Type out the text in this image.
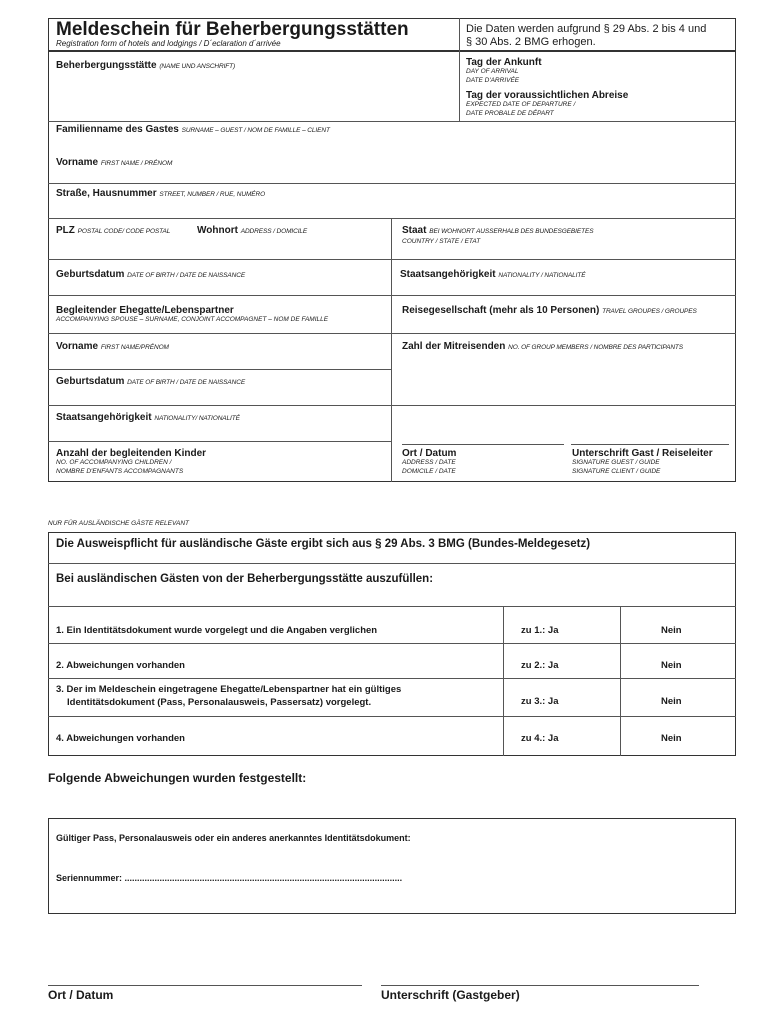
Meldeschein für Beherbergungsstätten
Registration form of hotels and lodgings / D´eclaration d´arrivée
Die Daten werden aufgrund § 29 Abs. 2 bis 4 und
§ 30 Abs. 2 BMG erhogen.
Beherbergungsstätte (NAME UND ANSCHRIFT)	Tag der Ankunft
DAY OF ARRIVAL
DATE D'ARRIVÉE
Tag der voraussichtlichen Abreise
EXPECTED DATE OF DEPARTURE /
DATE PROBALE DE DÉPART
Familienname des Gastes SURNAME – GUEST / NOM DE FAMILLE – CLIENT
Vorname FIRST NAME / PRÉNOM
Straße, Hausnummer STREET, NUMBER / RUE, NUMÉRO
PLZ POSTAL CODE/ CODE POSTAL	Wohnort ADDRESS / DOMICILE	Staat BEI WOHNORT AUSSERHALB DES BUNDESGEBIETES
COUNTRY / STATE / ETAT
Geburtsdatum DATE OF BIRTH / DATE DE NAISSANCE	Staatsangehörigkeit NATIONALITY / NATIONALITÉ
Begleitender Ehegatte/Lebenspartner
ACCOMPANYING SPOUSE – SURNAME, CONJOINT ACCOMPAGNET – NOM DE FAMILLE
Reisegesellschaft (mehr als 10 Personen) TRAVEL GROUPES / GROUPES
Vorname FIRST NAME/PRÉNOM	Zahl der Mitreisenden NO. OF GROUP MEMBERS / NOMBRE DES PARTICIPANTS
Geburtsdatum DATE OF BIRTH / DATE DE NAISSANCE
Staatsangehörigkeit NATIONALITY/ NATIONALITÉ
Anzahl der begleitenden Kinder
NO. OF ACCOMPANYING CHILDREN /
NOMBRE D'ENFANTS ACCOMPAGNANTS
Ort / Datum
ADDRESS / DATE
DOMICILE / DATE
Unterschrift Gast / Reiseleiter
SIGNATURE GUEST / GUIDE
SIGNATURE CLIENT / GUIDE
NUR FÜR AUSLÄNDISCHE GÄSTE RELEVANT
Die Ausweispflicht für ausländische Gäste ergibt sich aus § 29 Abs. 3 BMG (Bundes-Meldegesetz)
Bei ausländischen Gästen von der Beherbergungsstätte auszufüllen:
1. Ein Identitätsdokument wurde vorgelegt und die Angaben verglichen	zu 1.: Ja	Nein
2. Abweichungen vorhanden	zu 2.: Ja	Nein
3. Der im Meldeschein eingetragene Ehegatte/Lebenspartner hat ein gültiges
Identitätsdokument (Pass, Personalausweis, Passersatz) vorgelegt.	zu 3.: Ja	Nein
4. Abweichungen vorhanden	zu 4.: Ja	Nein
Folgende Abweichungen wurden festgestellt:
Gültiger Pass, Personalausweis oder ein anderes anerkanntes Identitätsdokument:
Seriennummer: ...............................................................................................................
Ort / Datum	Unterschrift (Gastgeber)
